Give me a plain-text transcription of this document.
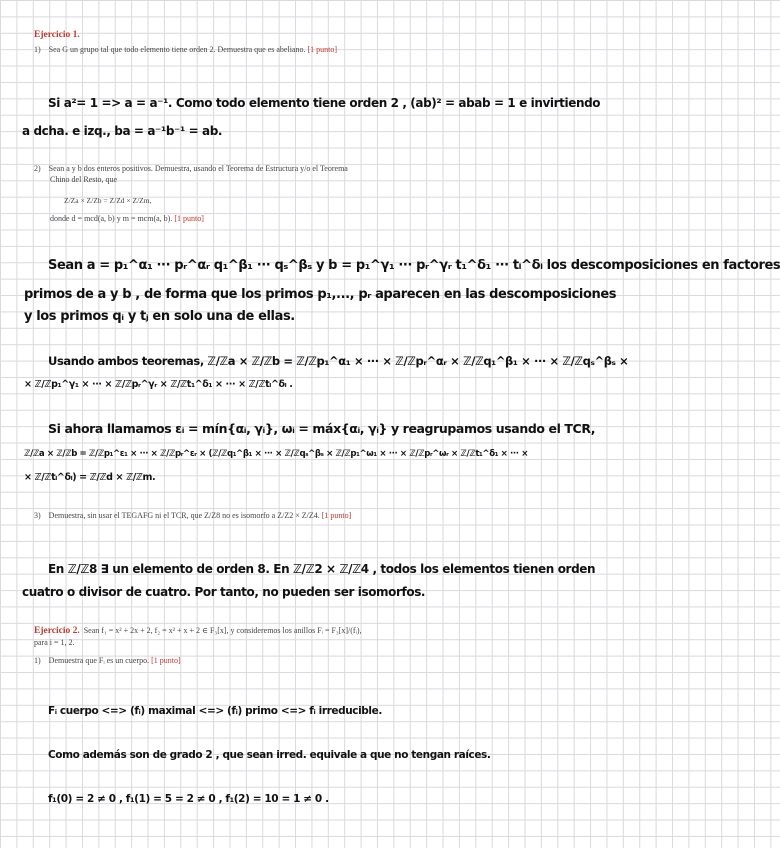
Ejercicio 1.
1) Sea G un grupo tal que todo elemento tiene orden 2. Demuestra que es abeliano. [1 punto]
Si a²= 1 => a = a⁻¹. Como todo elemento tiene orden 2 , (ab)² = abab = 1 e invirtiendo
a dcha. e izq., ba = a⁻¹b⁻¹ = ab.
2) Sean a y b dos enteros positivos. Demuestra, usando el Teorema de Estructura y/o el Teorema
Chino del Resto, que
Z/Za × Z/Zb = Z/Zd × Z/Zm,
donde d = mcd(a, b) y m = mcm(a, b). [1 punto]
Sean a = p₁^α₁ ··· pᵣ^αᵣ q₁^β₁ ··· qₛ^βₛ y b = p₁^γ₁ ··· pᵣ^γᵣ t₁^δ₁ ··· tₗ^δₗ los descomposiciones en factores
primos de a y b , de forma que los primos p₁,..., pᵣ aparecen en las descomposiciones
y los primos qᵢ y tⱼ en solo una de ellas.
Usando ambos teoremas, ℤ/ℤa × ℤ/ℤb = ℤ/ℤp₁^α₁ × ··· × ℤ/ℤpᵣ^αᵣ × ℤ/ℤq₁^β₁ × ··· × ℤ/ℤqₛ^βₛ ×
× ℤ/ℤp₁^γ₁ × ··· × ℤ/ℤpᵣ^γᵣ × ℤ/ℤt₁^δ₁ × ··· × ℤ/ℤtₗ^δₗ .
Si ahora llamamos εᵢ = mín{αᵢ, γᵢ}, ωᵢ = máx{αᵢ, γᵢ} y reagrupamos usando el TCR,
ℤ/ℤa × ℤ/ℤb = ℤ/ℤp₁^ε₁ × ··· × ℤ/ℤpᵣ^εᵣ × (ℤ/ℤq₁^β₁ × ··· × ℤ/ℤqₛ^βₛ × ℤ/ℤp₁^ω₁ × ··· × ℤ/ℤpᵣ^ωᵣ × ℤ/ℤt₁^δ₁ × ··· ×
× ℤ/ℤtₗ^δₗ) = ℤ/ℤd × ℤ/ℤm.
3) Demuestra, sin usar el TEGAFG ni el TCR, que Z/Z8 no es isomorfo a Z/Z2 × Z/Z4. [1 punto]
En ℤ/ℤ8 ∃ un elemento de orden 8. En ℤ/ℤ2 × ℤ/ℤ4 , todos los elementos tienen orden
cuatro o divisor de cuatro. Por tanto, no pueden ser isomorfos.
Ejercicio 2. Sean f₁ = x² + 2x + 2, f₂ = x² + x + 2 ∈ F₃[x], y consideremos los anillos Fᵢ = F₃[x]/(fᵢ),
para i = 1, 2.
1) Demuestra que Fᵢ es un cuerpo. [1 punto]
Fᵢ cuerpo <=> (fᵢ) maximal <=> (fᵢ) primo <=> fᵢ irreducible.
Como además son de grado 2 , que sean irred. equivale a que no tengan raíces.
f₁(0) = 2 ≠ 0 , f₁(1) = 5 = 2 ≠ 0 , f₁(2) = 10 = 1 ≠ 0 .
